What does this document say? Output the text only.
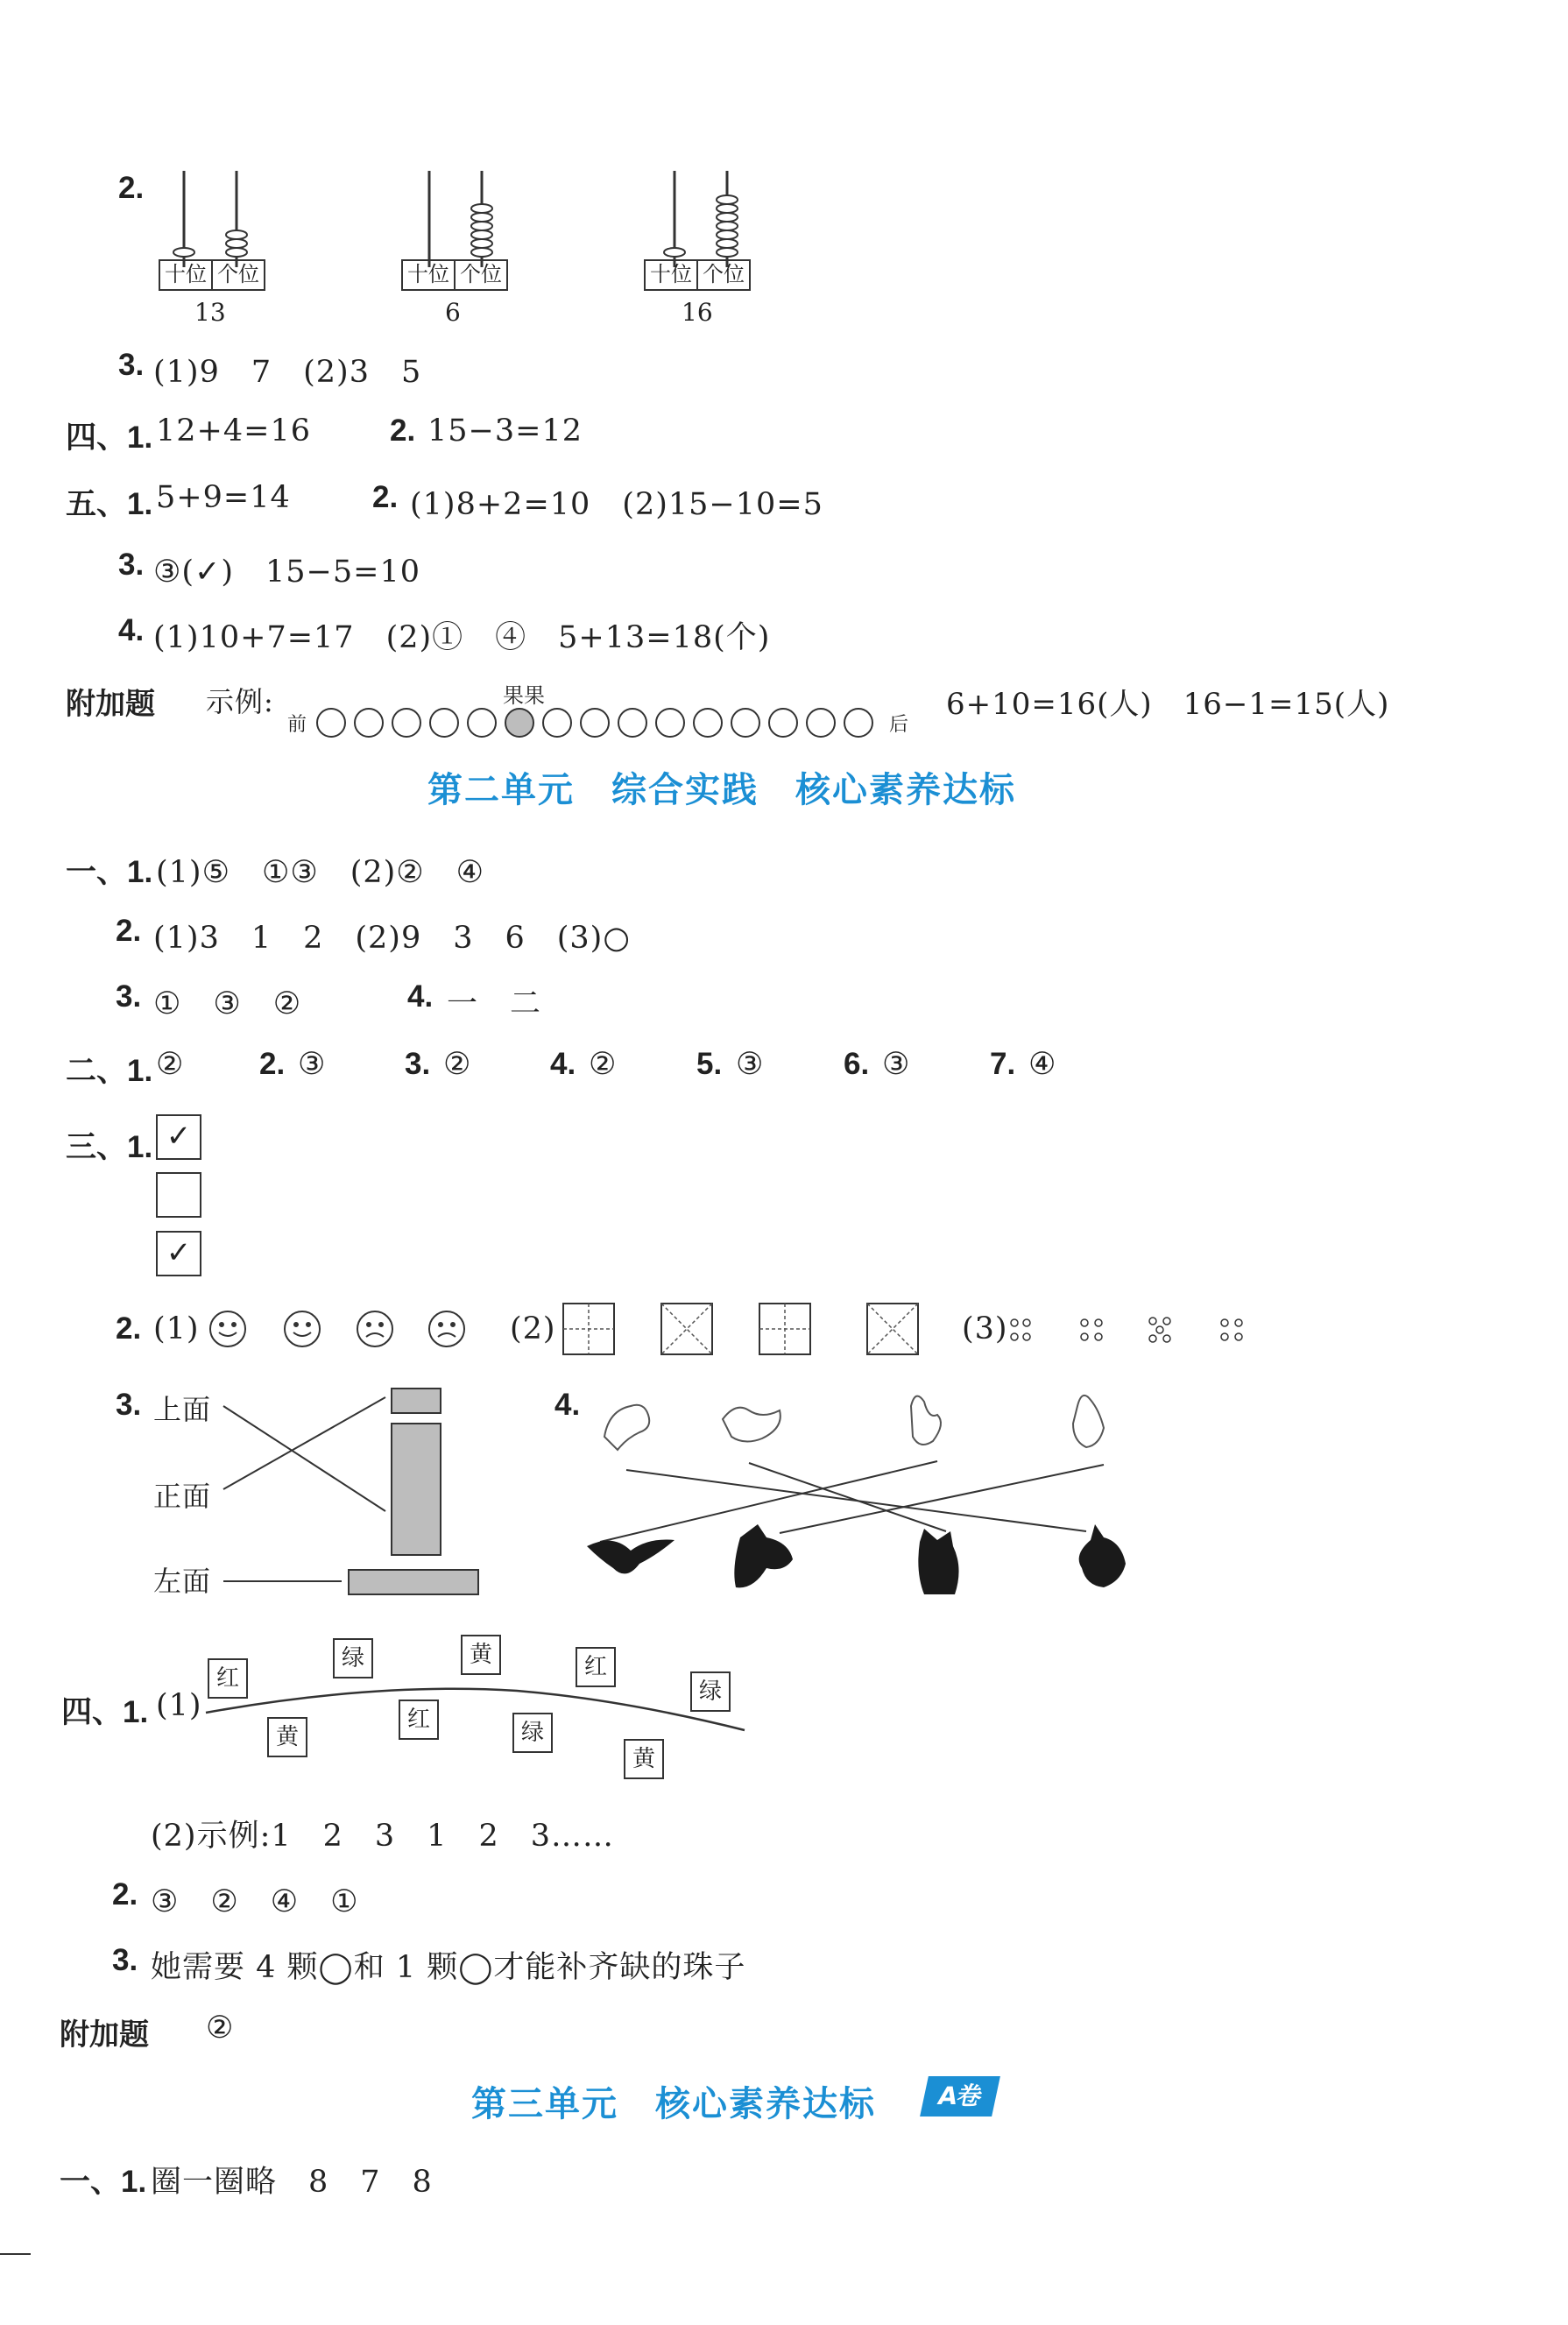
2.
十位 个位
13
十位 个位
6
十位 个位
16
3. (1)9　7　(2)3　5
四、1. 12+4=16	2. 15−3=12
五、1. 5+9=14	2. (1)8+2=10　(2)15−10=5
3. ③(✓)　15−5=10
4. (1)10+7=17　(2)①　④　5+13=18(个)
附加题 示例:	果果
前	后
6+10=16(人)　16−1=15(人)
第二单元　综合实践　核心素养达标
一、1. (1)⑤　①③　(2)②　④
2. (1)3　1　2　(2)9　3　6　(3)○
3. ①　③　②	4. 一　二
二、1. ② 2. ③	3. ②	4. ②	5. ③	6. ③	7. ④
三、1. ✓
✓
2. (1)	(2)	(3)
3. 上面
正面
左面
4.
四、1. (1)
红
绿	黄	红
绿
黄
红	绿
黄
(2)示例:1　2　3　1　2　3……
2. ③　②　④　①
3. 她需要 4 颗◯和 1 颗◯才能补齐缺的珠子
附加题 ②
第三单元　核心素养达标	A卷
一、1. 圈一圈略　8　7　8
